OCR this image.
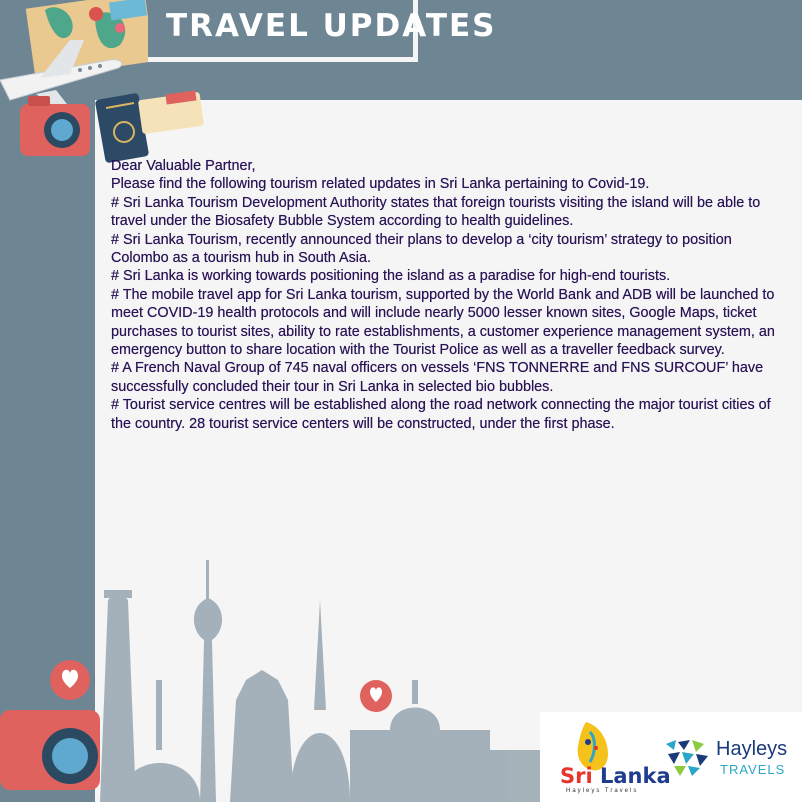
TRAVEL UPDATES

Dear Valuable Partner,

Please find the following tourism related updates in Sri Lanka pertaining to Covid-19.

# Sri Lanka Tourism Development Authority states that foreign tourists visiting the island will be able to travel under the Biosafety Bubble System according to health guidelines.

# Sri Lanka Tourism, recently announced their plans to develop a ‘city tourism’ strategy to position Colombo as a tourism hub in South Asia.

# Sri Lanka is working towards positioning the island as a paradise for high-end tourists.

# The mobile travel app for Sri Lanka tourism, supported by the World Bank and ADB will be launched to meet COVID-19 health protocols and will include nearly 5000 lesser known sites, Google Maps, ticket purchases to tourist sites, ability to rate establishments, a customer experience management system, an emergency button to share location with the Tourist Police as well as a traveller feedback survey.

# A French Naval Group of 745 naval officers on vessels ‘FNS TONNERRE and FNS SURCOUF’ have successfully concluded their tour in Sri Lanka in selected bio bubbles.

# Tourist service centres will be established along the road network connecting the major tourist cities of the country. 28 tourist service centers will be constructed, under the first phase.

Sri Lanka
Hayleys Travels
Hayleys
TRAVELS
